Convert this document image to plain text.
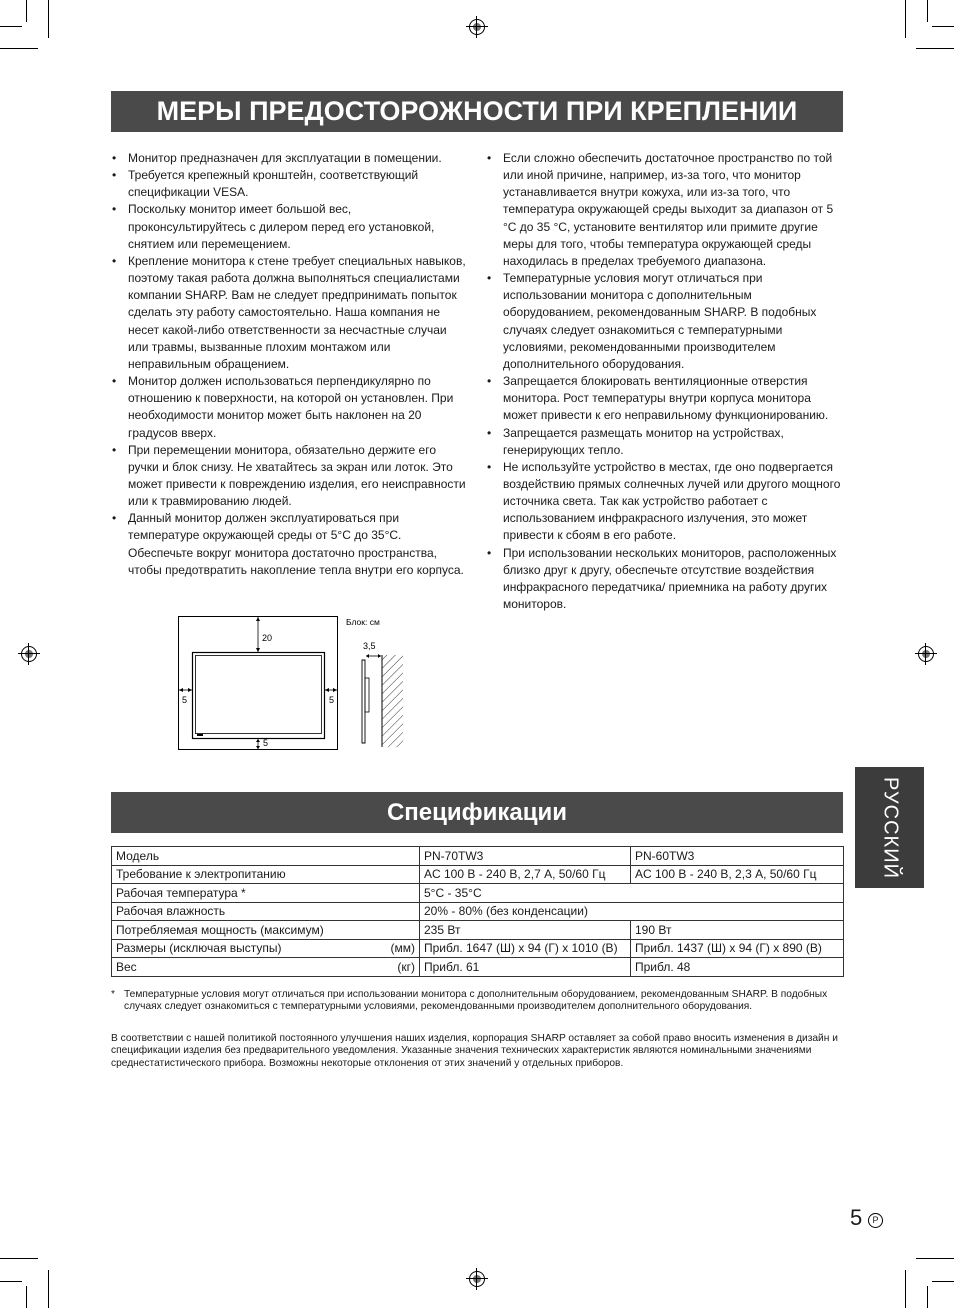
МЕРЫ ПРЕДОСТОРОЖНОСТИ ПРИ КРЕПЛЕНИИ
• Монитор предназначен для эксплуатации в помещении.
• Требуется крепежный кронштейн, соответствующий спецификации VESA.
• Поскольку монитор имеет большой вес, проконсультируйтесь с дилером перед его установкой, снятием или перемещением.
• Крепление монитора к стене требует специальных навыков, поэтому такая работа должна выполняться специалистами компании SHARP. Вам не следует предпринимать попыток сделать эту работу самостоятельно. Наша компания не несет какой-либо ответственности за несчастные случаи или травмы, вызванные плохим монтажом или неправильным обращением.
• Монитор должен использоваться перпендикулярно по отношению к поверхности, на которой он установлен. При необходимости монитор может быть наклонен на 20 градусов вверх.
• При перемещении монитора, обязательно держите его ручки и блок снизу. Не хватайтесь за экран или лоток. Это может привести к повреждению изделия, его неисправности или к травмированию людей.
• Данный монитор должен эксплуатироваться при температуре окружающей среды от 5°С до 35°С. Обеспечьте вокруг монитора достаточно пространства, чтобы предотвратить накопление тепла внутри его корпуса.
• Если сложно обеспечить достаточное пространство по той или иной причине, например, из-за того, что монитор устанавливается внутри кожуха, или из-за того, что температура окружающей среды выходит за диапазон от 5 °C до 35 °C, установите вентилятор или примите другие меры для того, чтобы температура окружающей среды находилась в пределах требуемого диапазона.
• Температурные условия могут отличаться при использовании монитора с дополнительным оборудованием, рекомендованным SHARP. В подобных случаях следует ознакомиться с температурными условиями, рекомендованными производителем дополнительного оборудования.
• Запрещается блокировать вентиляционные отверстия монитора. Рост температуры внутри корпуса монитора может привести к его неправильному функционированию.
• Запрещается размещать монитор на устройствах, генерирующих тепло.
• Не используйте устройство в местах, где оно подвергается воздействию прямых солнечных лучей или другого мощного источника света. Так как устройство работает с использованием инфракрасного излучения, это может привести к сбоям в его работе.
• При использовании нескольких мониторов, расположенных близко друг к другу, обеспечьте отсутствие воздействия инфракрасного передатчика/ приемника на работу других мониторов.
20
5	5
5
Блок: см
3,5
РУССКИЙ
Спецификации
Модель	PN-70TW3	PN-60TW3
Требование к электропитанию	AC 100 В - 240 В, 2,7 А, 50/60 Гц	AC 100 В - 240 В, 2,3 А, 50/60 Гц
Рабочая температура *	5°C - 35°C	
Рабочая влажность	20% - 80% (без конденсации)	
Потребляемая мощность (максимум)	235 Вт	190 Вт
Размеры (исключая выступы) (мм)	Прибл. 1647 (Ш) x 94 (Г) x 1010 (В)	Прибл. 1437 (Ш) x 94 (Г) x 890 (В)
Вес (кг)	Прибл. 61	Прибл. 48
* Температурные условия могут отличаться при использовании монитора с дополнительным оборудованием, рекомендованным SHARP. В подобных случаях следует ознакомиться с температурными условиями, рекомендованными производителем дополнительного оборудования.
В соответствии с нашей политикой постоянного улучшения наших изделия, корпорация SHARP оставляет за собой право вносить изменения в дизайн и спецификации изделия без предварительного уведомления. Указанные значения технических характеристик являются номинальными значениями среднестатистического прибора. Возможны некоторые отклонения от этих значений у отдельных приборов.
5	P
